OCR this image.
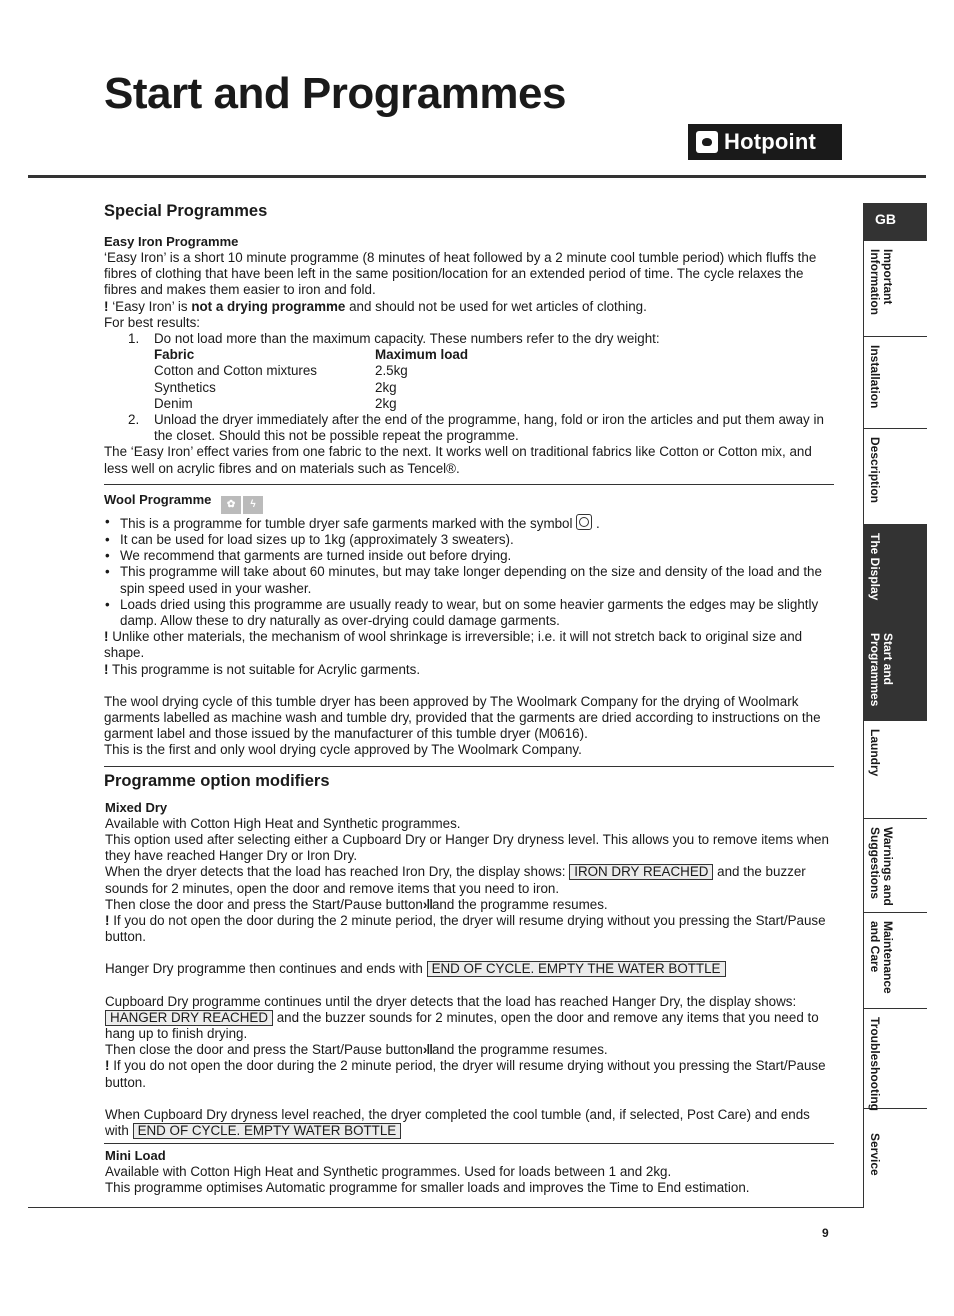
Start and Programmes
Hotpoint
GB
Important
Information
Installation
Description
The Display
Start and
Programmes
Laundry
Warnings and
Suggestions
Maintenance
and Care
Troubleshooting
Service
Special Programmes
Easy Iron Programme

‘Easy Iron’ is a short 10 minute programme (8 minutes of heat followed by a 2 minute cool tumble period) which fluffs the fibres of clothing that have been left in the same position/location for an extended period of time. The cycle relaxes the fibres and makes them easier to iron and fold.

! ‘Easy Iron’ is not a drying programme and should not be used for wet articles of clothing.

For best results:

1. Do not load more than the maximum capacity. These numbers refer to the dry weight:
Fabric	Maximum load
Cotton and Cotton mixtures	2.5kg
Synthetics	2kg
Denim	2kg
2. Unload the dryer immediately after the end of the programme, hang, fold or iron the articles and put them away in the closet. Should this not be possible repeat the programme.

The ‘Easy Iron’ effect varies from one fabric to the next. It works well on traditional fabrics like Cotton or Cotton mix, and less well on acrylic fibres and on materials such as Tencel®.

Wool Programme	✿	ϟ
• This is a programme for tumble dryer safe garments marked with the symbol .
• It can be used for load sizes up to 1kg (approximately 3 sweaters).
• We recommend that garments are turned inside out before drying.
• This programme will take about 60 minutes, but may take longer depending on the size and density of the load and the spin speed used in your washer.
• Loads dried using this programme are usually ready to wear, but on some heavier garments the edges may be slightly damp. Allow these to dry naturally as over-drying could damage garments.

! Unlike other materials, the mechanism of wool shrinkage is irreversible; i.e. it will not stretch back to original size and shape.

! This programme is not suitable for Acrylic garments.

The wool drying cycle of this tumble dryer has been approved by The Woolmark Company for the drying of Woolmark garments labelled as machine wash and tumble dry, provided that the garments are dried according to instructions on the garment label and those issued by the manufacturer of this tumble dryer (M0616).

This is the first and only wool drying cycle approved by The Woolmark Company.

Programme option modifiers
Mixed Dry

Available with Cotton High Heat and Synthetic programmes.

This option used after selecting either a Cupboard Dry or Hanger Dry dryness level. This allows you to remove items when they have reached Hanger Dry or Iron Dry.

When the dryer detects that the load has reached Iron Dry, the display shows: IRON DRY REACHED and the buzzer sounds for 2 minutes, open the door and remove items that you need to iron.

Then close the door and press the Start/Pause button›ǁand the programme resumes.

! If you do not open the door during the 2 minute period, the dryer will resume drying without you pressing the Start/Pause button.

Hanger Dry programme then continues and ends with END OF CYCLE. EMPTY THE WATER BOTTLE

Cupboard Dry programme continues until the dryer detects that the load has reached Hanger Dry, the display shows: HANGER DRY REACHED and the buzzer sounds for 2 minutes, open the door and remove any items that you need to hang up to finish drying.

Then close the door and press the Start/Pause button›ǁand the programme resumes.

! If you do not open the door during the 2 minute period, the dryer will resume drying without you pressing the Start/Pause button.

When Cupboard Dry dryness level reached, the dryer completed the cool tumble (and, if selected, Post Care) and ends with END OF CYCLE. EMPTY WATER BOTTLE

Mini Load

Available with Cotton High Heat and Synthetic programmes. Used for loads between 1 and 2kg.

This programme optimises Automatic programme for smaller loads and improves the Time to End estimation.

9
